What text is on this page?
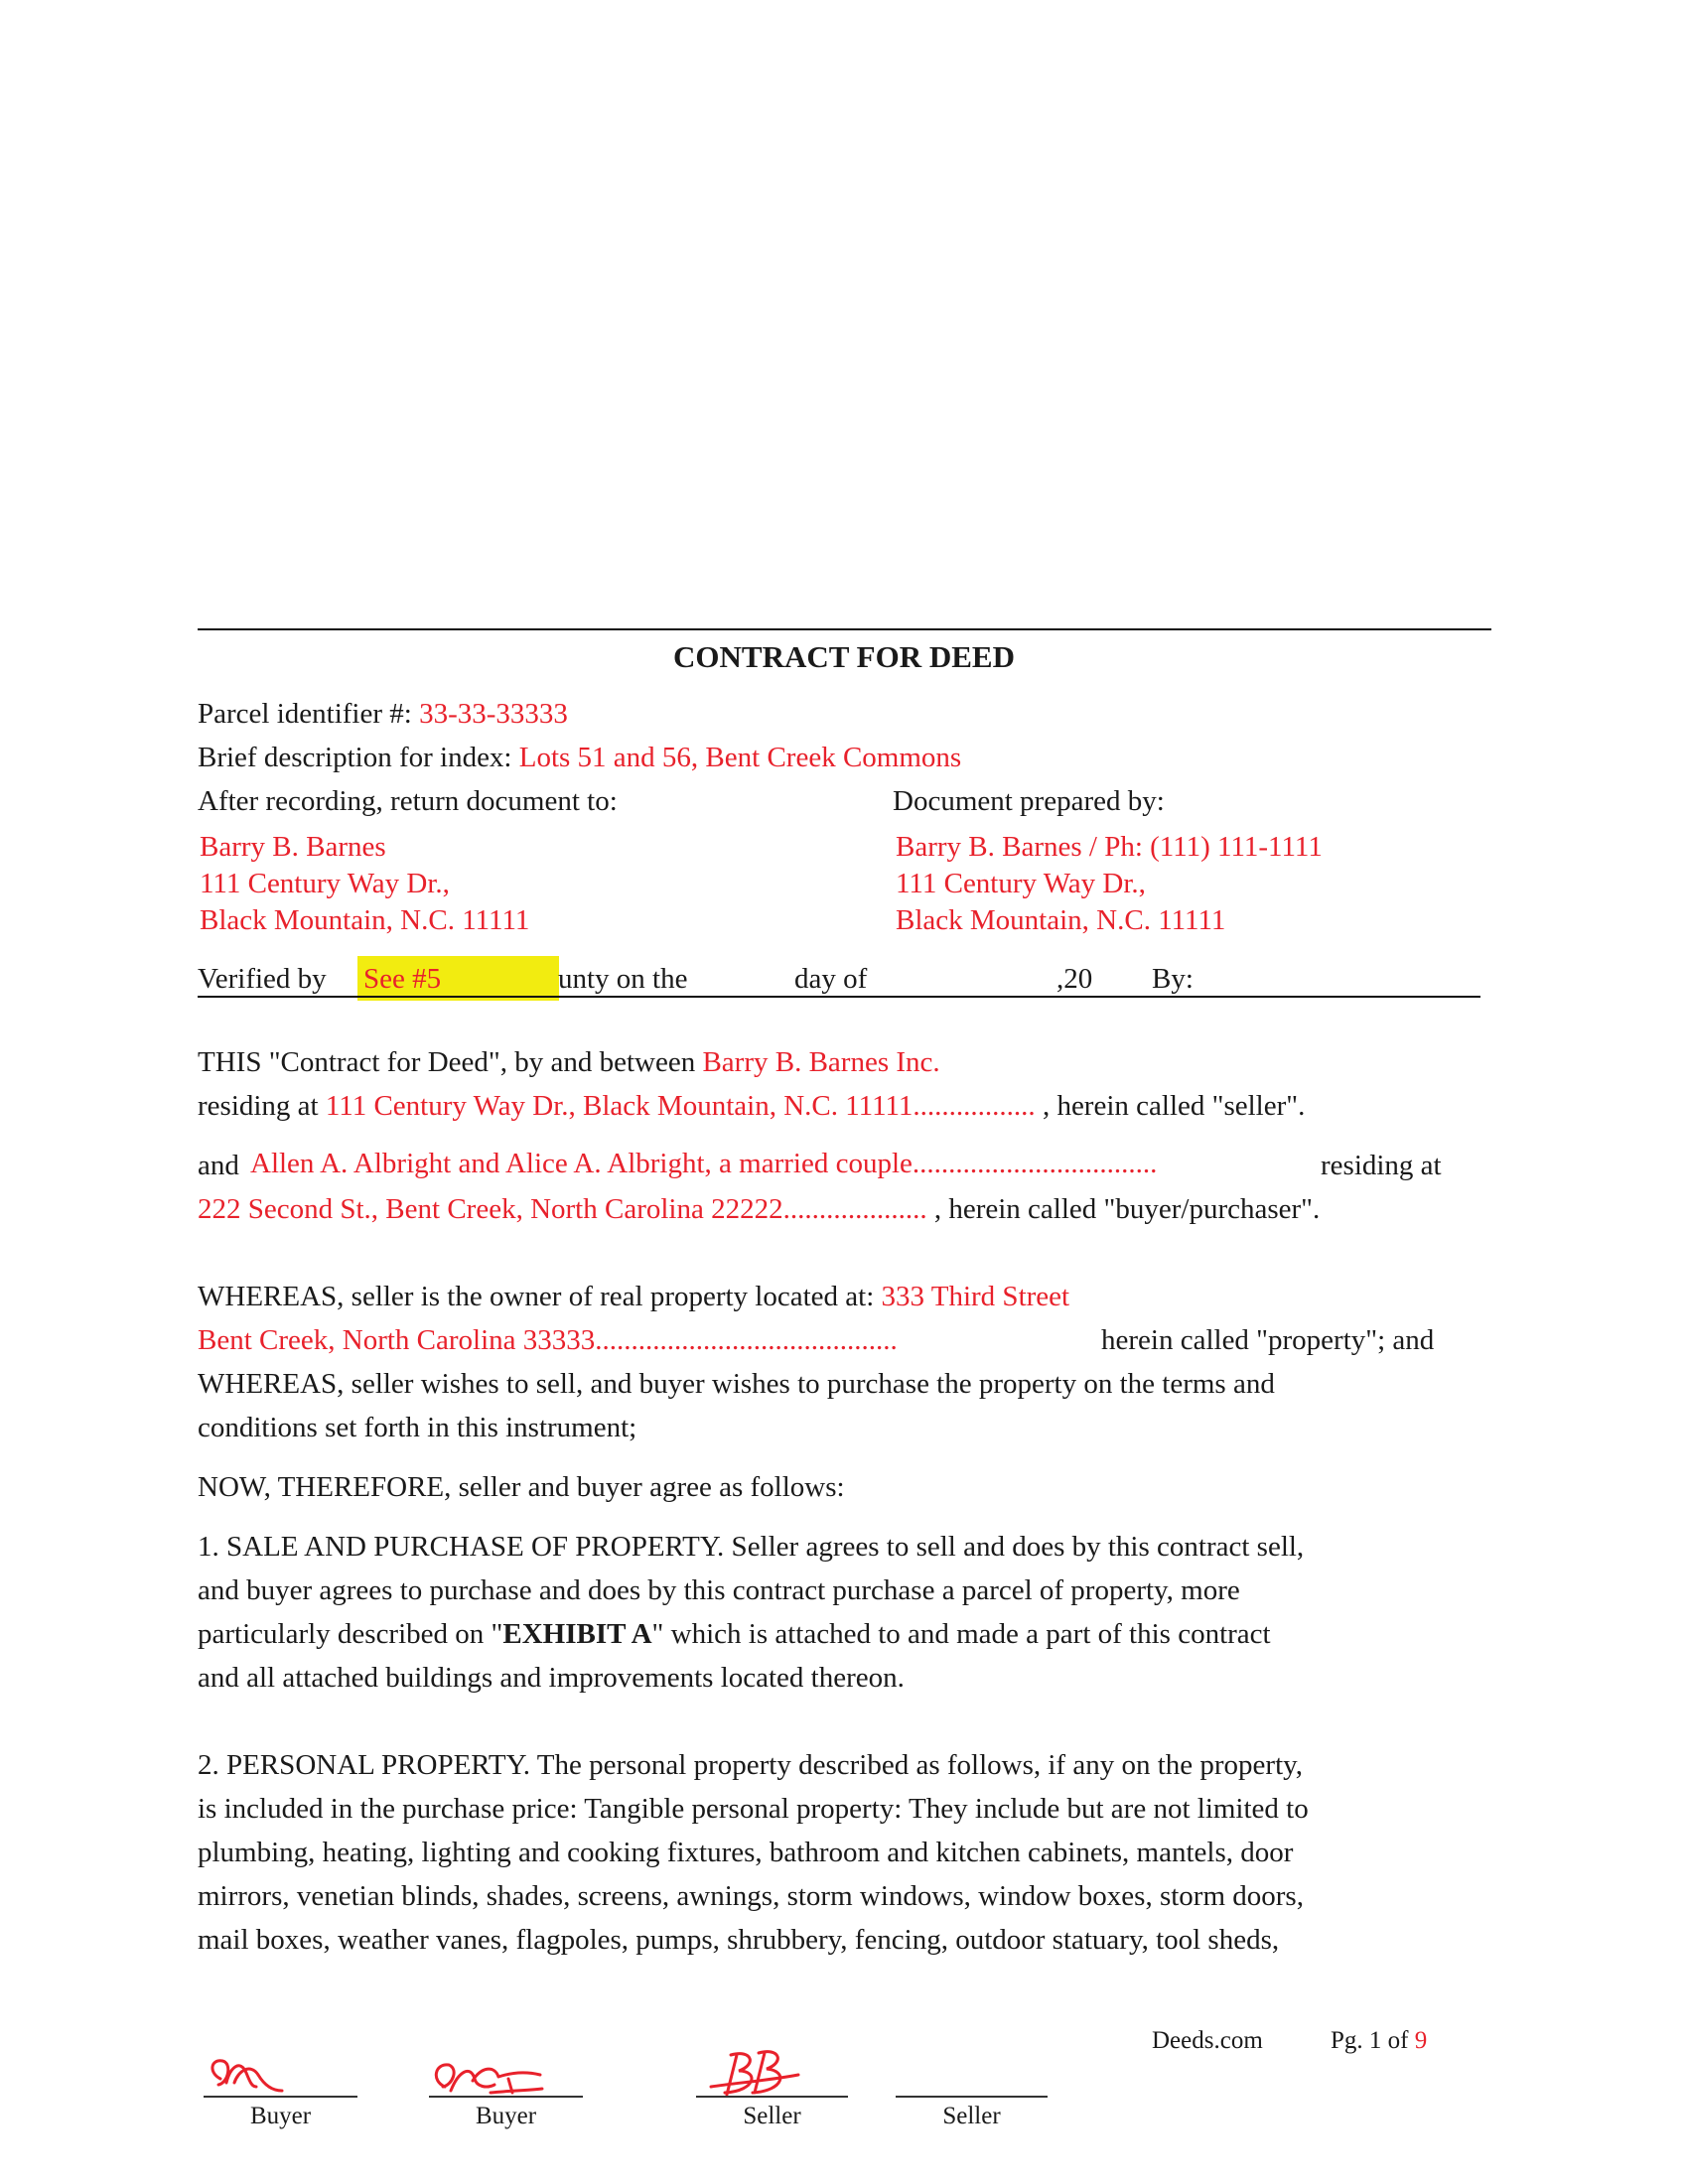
CONTRACT FOR DEED
Parcel identifier #: 33-33-33333
Brief description for index: Lots 51 and 56, Bent Creek Commons
After recording, return document to:	Document prepared by:
Barry B. Barnes
111 Century Way Dr.,
Black Mountain, N.C. 11111
Barry B. Barnes / Ph: (111) 111-1111
111 Century Way Dr.,
Black Mountain, N.C. 11111
Verified by See #5	unty on the	day of	,20 By:
THIS "Contract for Deed", by and between Barry B. Barnes Inc.
residing at 111 Century Way Dr., Black Mountain, N.C. 11111................. , herein called "seller".
and Allen A. Albright and Alice A. Albright, a married couple..................................	residing at
222 Second St., Bent Creek, North Carolina 22222.................... , herein called "buyer/purchaser".
WHEREAS, seller is the owner of real property located at: 333 Third Street
Bent Creek, North Carolina 33333..........................................	herein called "property"; and
WHEREAS, seller wishes to sell, and buyer wishes to purchase the property on the terms and
conditions set forth in this instrument;
NOW, THEREFORE, seller and buyer agree as follows:
1. SALE AND PURCHASE OF PROPERTY. Seller agrees to sell and does by this contract sell,
and buyer agrees to purchase and does by this contract purchase a parcel of property, more
particularly described on "EXHIBIT A" which is attached to and made a part of this contract
and all attached buildings and improvements located thereon.
2. PERSONAL PROPERTY. The personal property described as follows, if any on the property,
is included in the purchase price: Tangible personal property: They include but are not limited to
plumbing, heating, lighting and cooking fixtures, bathroom and kitchen cabinets, mantels, door
mirrors, venetian blinds, shades, screens, awnings, storm windows, window boxes, storm doors,
mail boxes, weather vanes, flagpoles, pumps, shrubbery, fencing, outdoor statuary, tool sheds,
Deeds.com	Pg. 1 of 9
Buyer	Buyer	Seller	Seller
